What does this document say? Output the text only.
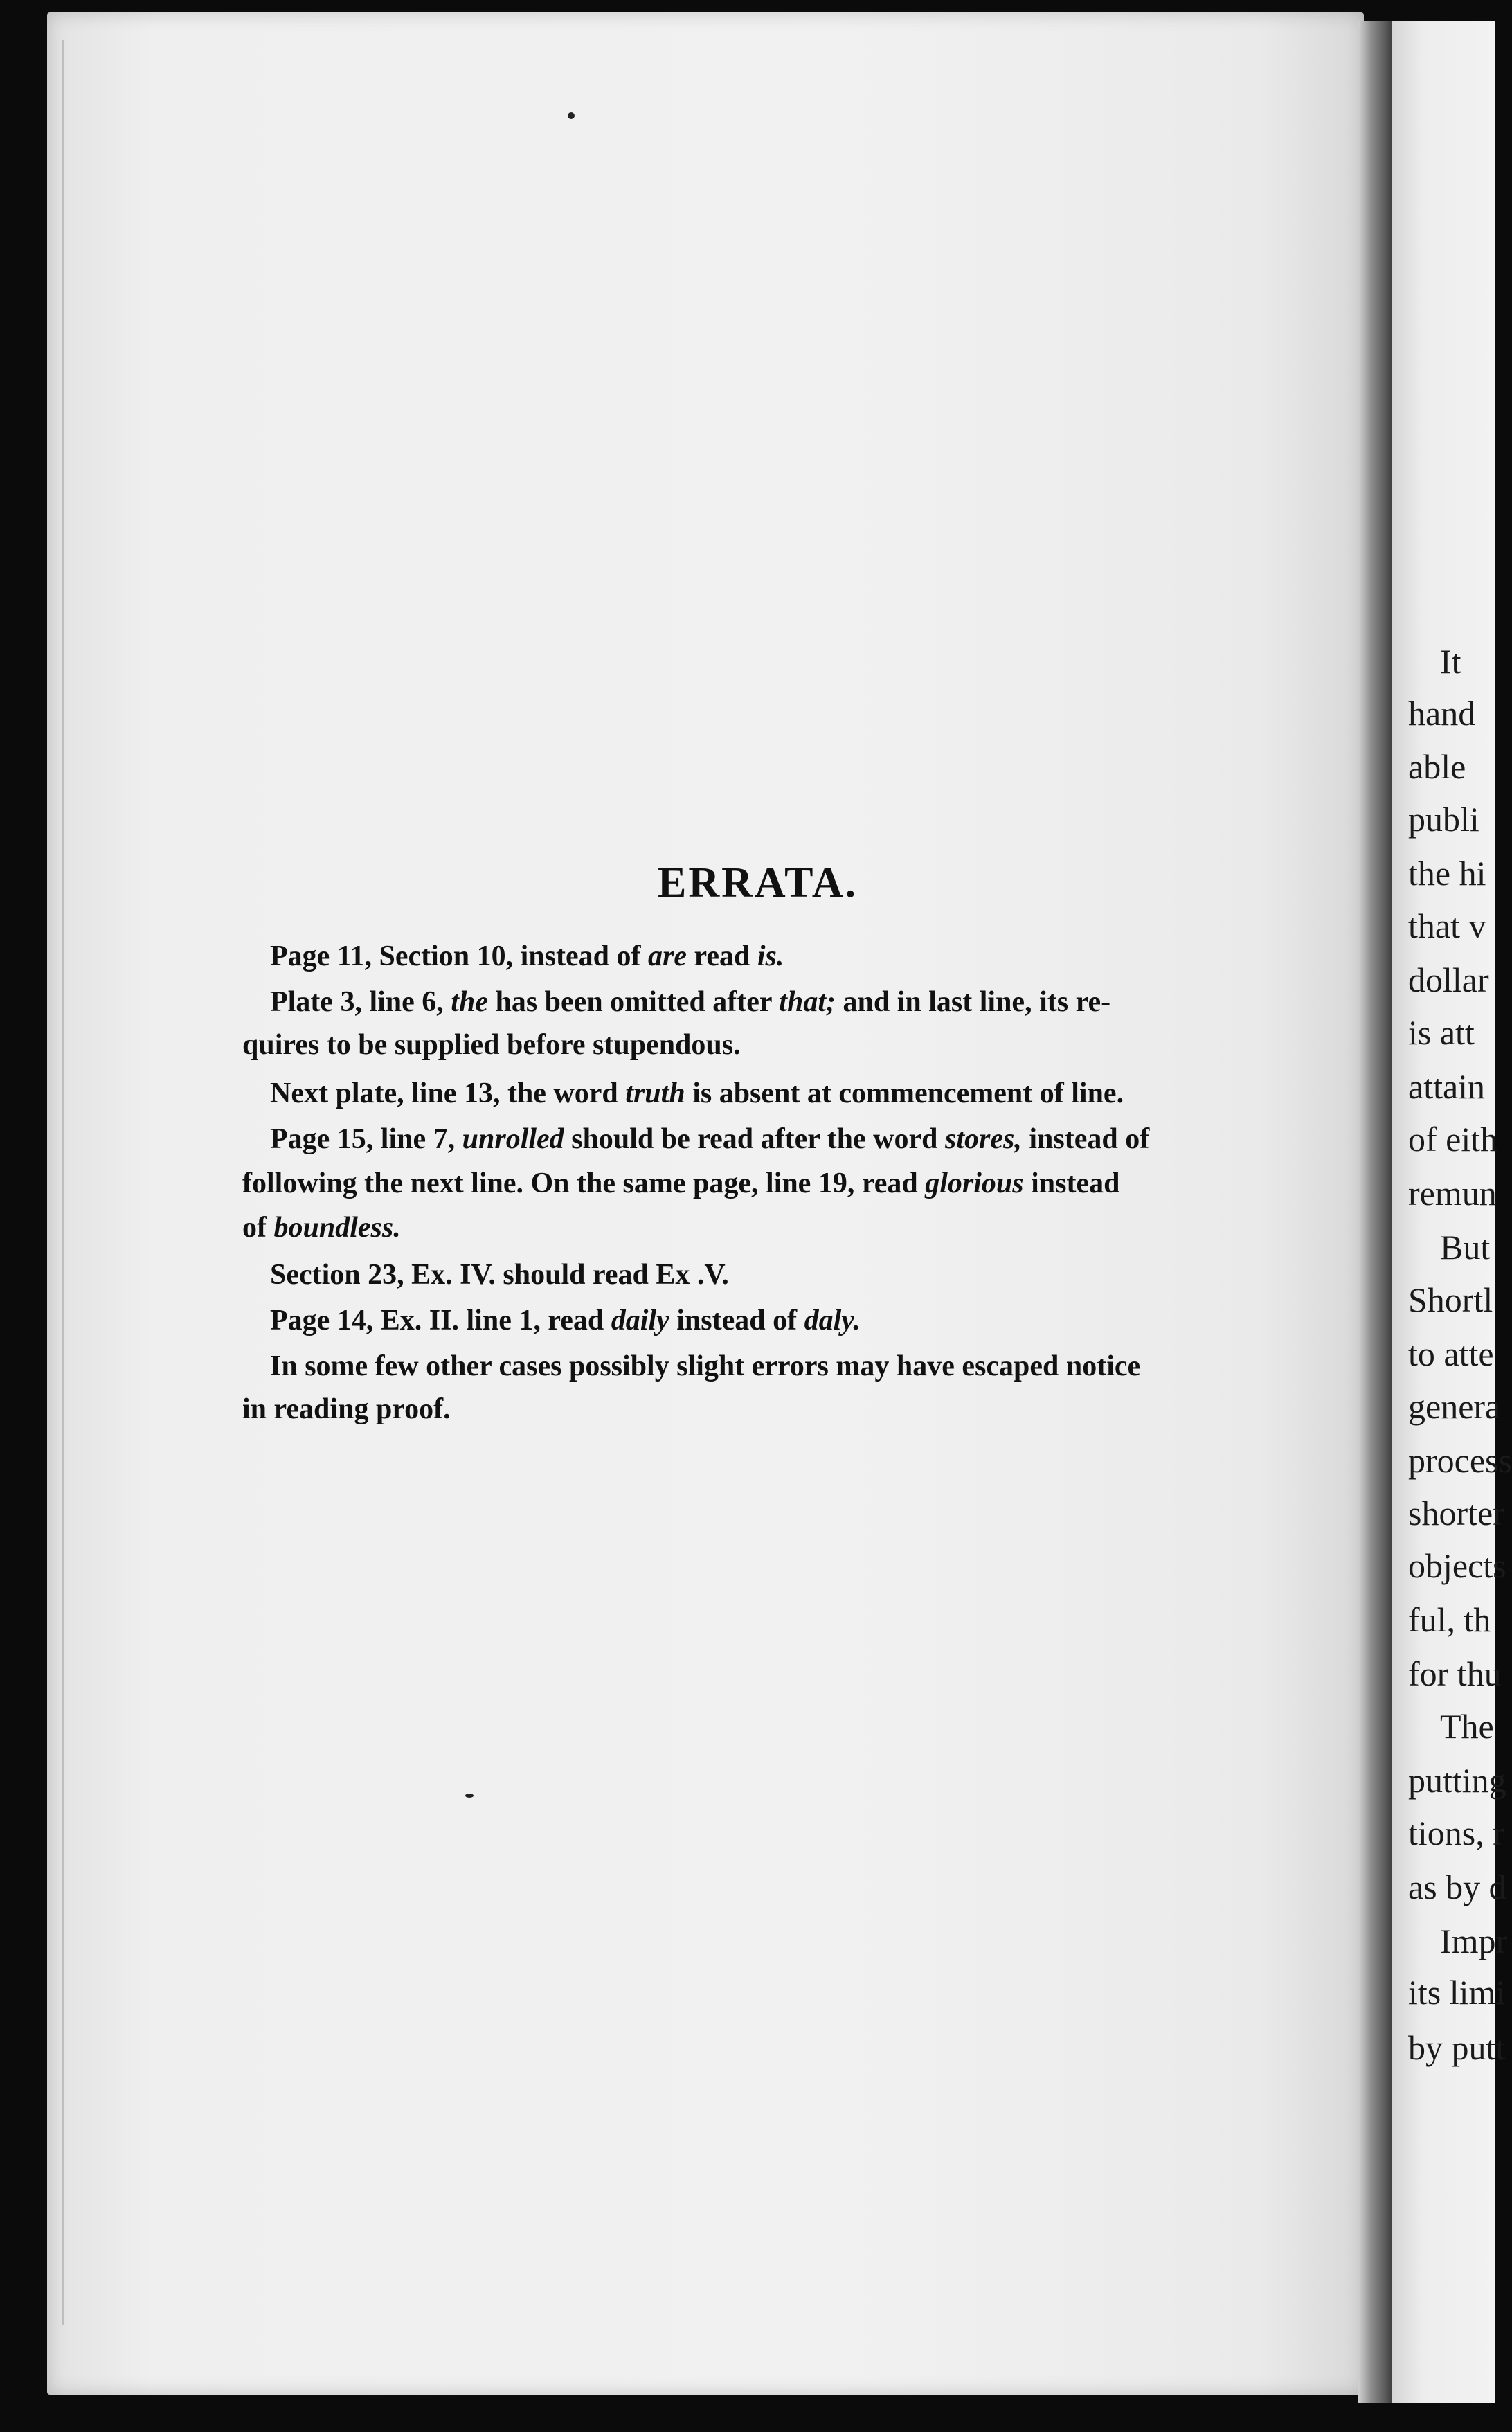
It
hand
able
publi
the hi
that v
dollar
is att
attain
of eith
remun
But
Shortl
to atte
genera
process
shorter
objects
ful, th
for thu
The
putting
tions, r
as by d
Impr
its limi
by putt
ERRATA.
Page 11, Section 10, instead of are read is.
Plate 3, line 6, the has been omitted after that; and in last line, its re-
quires to be supplied before stupendous.
Next plate, line 13, the word truth is absent at commencement of line.
Page 15, line 7, unrolled should be read after the word stores, instead of
following the next line. On the same page, line 19, read glorious instead
of boundless.
Section 23, Ex. IV. should read Ex .V.
Page 14, Ex. II. line 1, read daily instead of daly.
In some few other cases possibly slight errors may have escaped notice
in reading proof.
